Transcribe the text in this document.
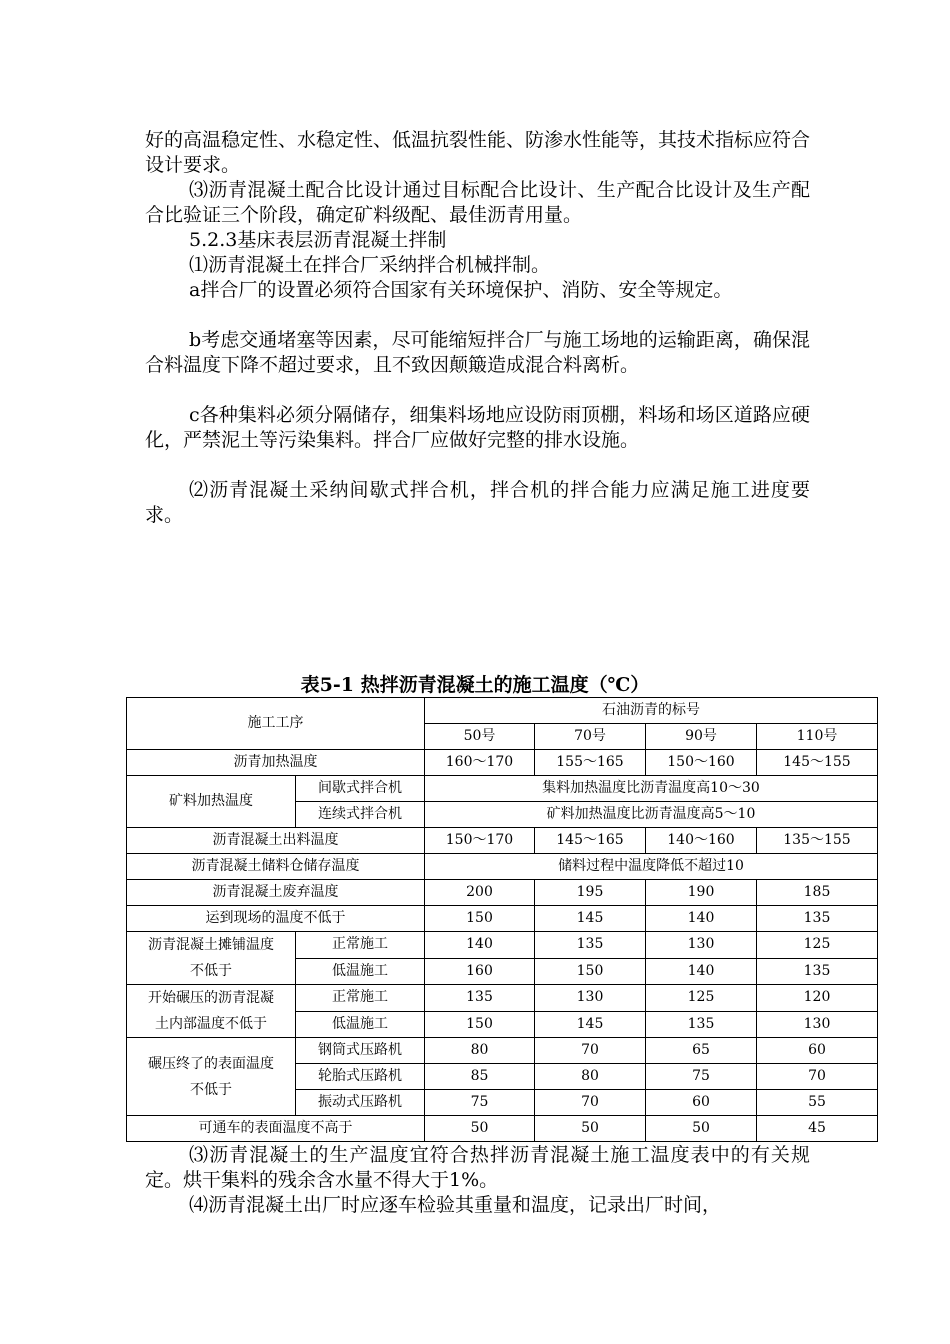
好的高温稳定性、水稳定性、低温抗裂性能、防渗水性能等，其技术指标应符合设计要求。

⑶沥青混凝土配合比设计通过目标配合比设计、生产配合比设计及生产配合比验证三个阶段，确定矿料级配、最佳沥青用量。

5.2.3基床表层沥青混凝土拌制

⑴沥青混凝土在拌合厂采纳拌合机械拌制。

a拌合厂的设置必须符合国家有关环境保护、消防、安全等规定。

b考虑交通堵塞等因素，尽可能缩短拌合厂与施工场地的运输距离，确保混合料温度下降不超过要求，且不致因颠簸造成混合料离析。

c各种集料必须分隔储存，细集料场地应设防雨顶棚，料场和场区道路应硬化，严禁泥土等污染集料。拌合厂应做好完整的排水设施。

⑵沥青混凝土采纳间歇式拌合机，拌合机的拌合能力应满足施工进度要求。

表5-1 热拌沥青混凝土的施工温度（℃）

施工工序		石油沥青的标号			
		50号	70号	90号	110号
沥青加热温度		160～170	155～165	150～160	145～155
矿料加热温度	间歇式拌合机	集料加热温度比沥青温度高10～30			
	连续式拌合机	矿料加热温度比沥青温度高5～10			
沥青混凝土出料温度		150～170	145～165	140～160	135～155
沥青混凝土储料仓储存温度		储料过程中温度降低不超过10			
沥青混凝土废弃温度		200	195	190	185
运到现场的温度不低于		150	145	140	135
沥青混凝土摊铺温度
不低于	正常施工	140	135	130	125
	低温施工	160	150	140	135
开始碾压的沥青混凝
土内部温度不低于	正常施工	135	130	125	120
	低温施工	150	145	135	130
碾压终了的表面温度
不低于	钢筒式压路机	80	70	65	60
	轮胎式压路机	85	80	75	70
	振动式压路机	75	70	60	55
可通车的表面温度不高于		50	50	50	45

⑶沥青混凝土的生产温度宜符合热拌沥青混凝土施工温度表中的有关规定。烘干集料的残余含水量不得大于1%。

⑷沥青混凝土出厂时应逐车检验其重量和温度，记录出厂时间，
